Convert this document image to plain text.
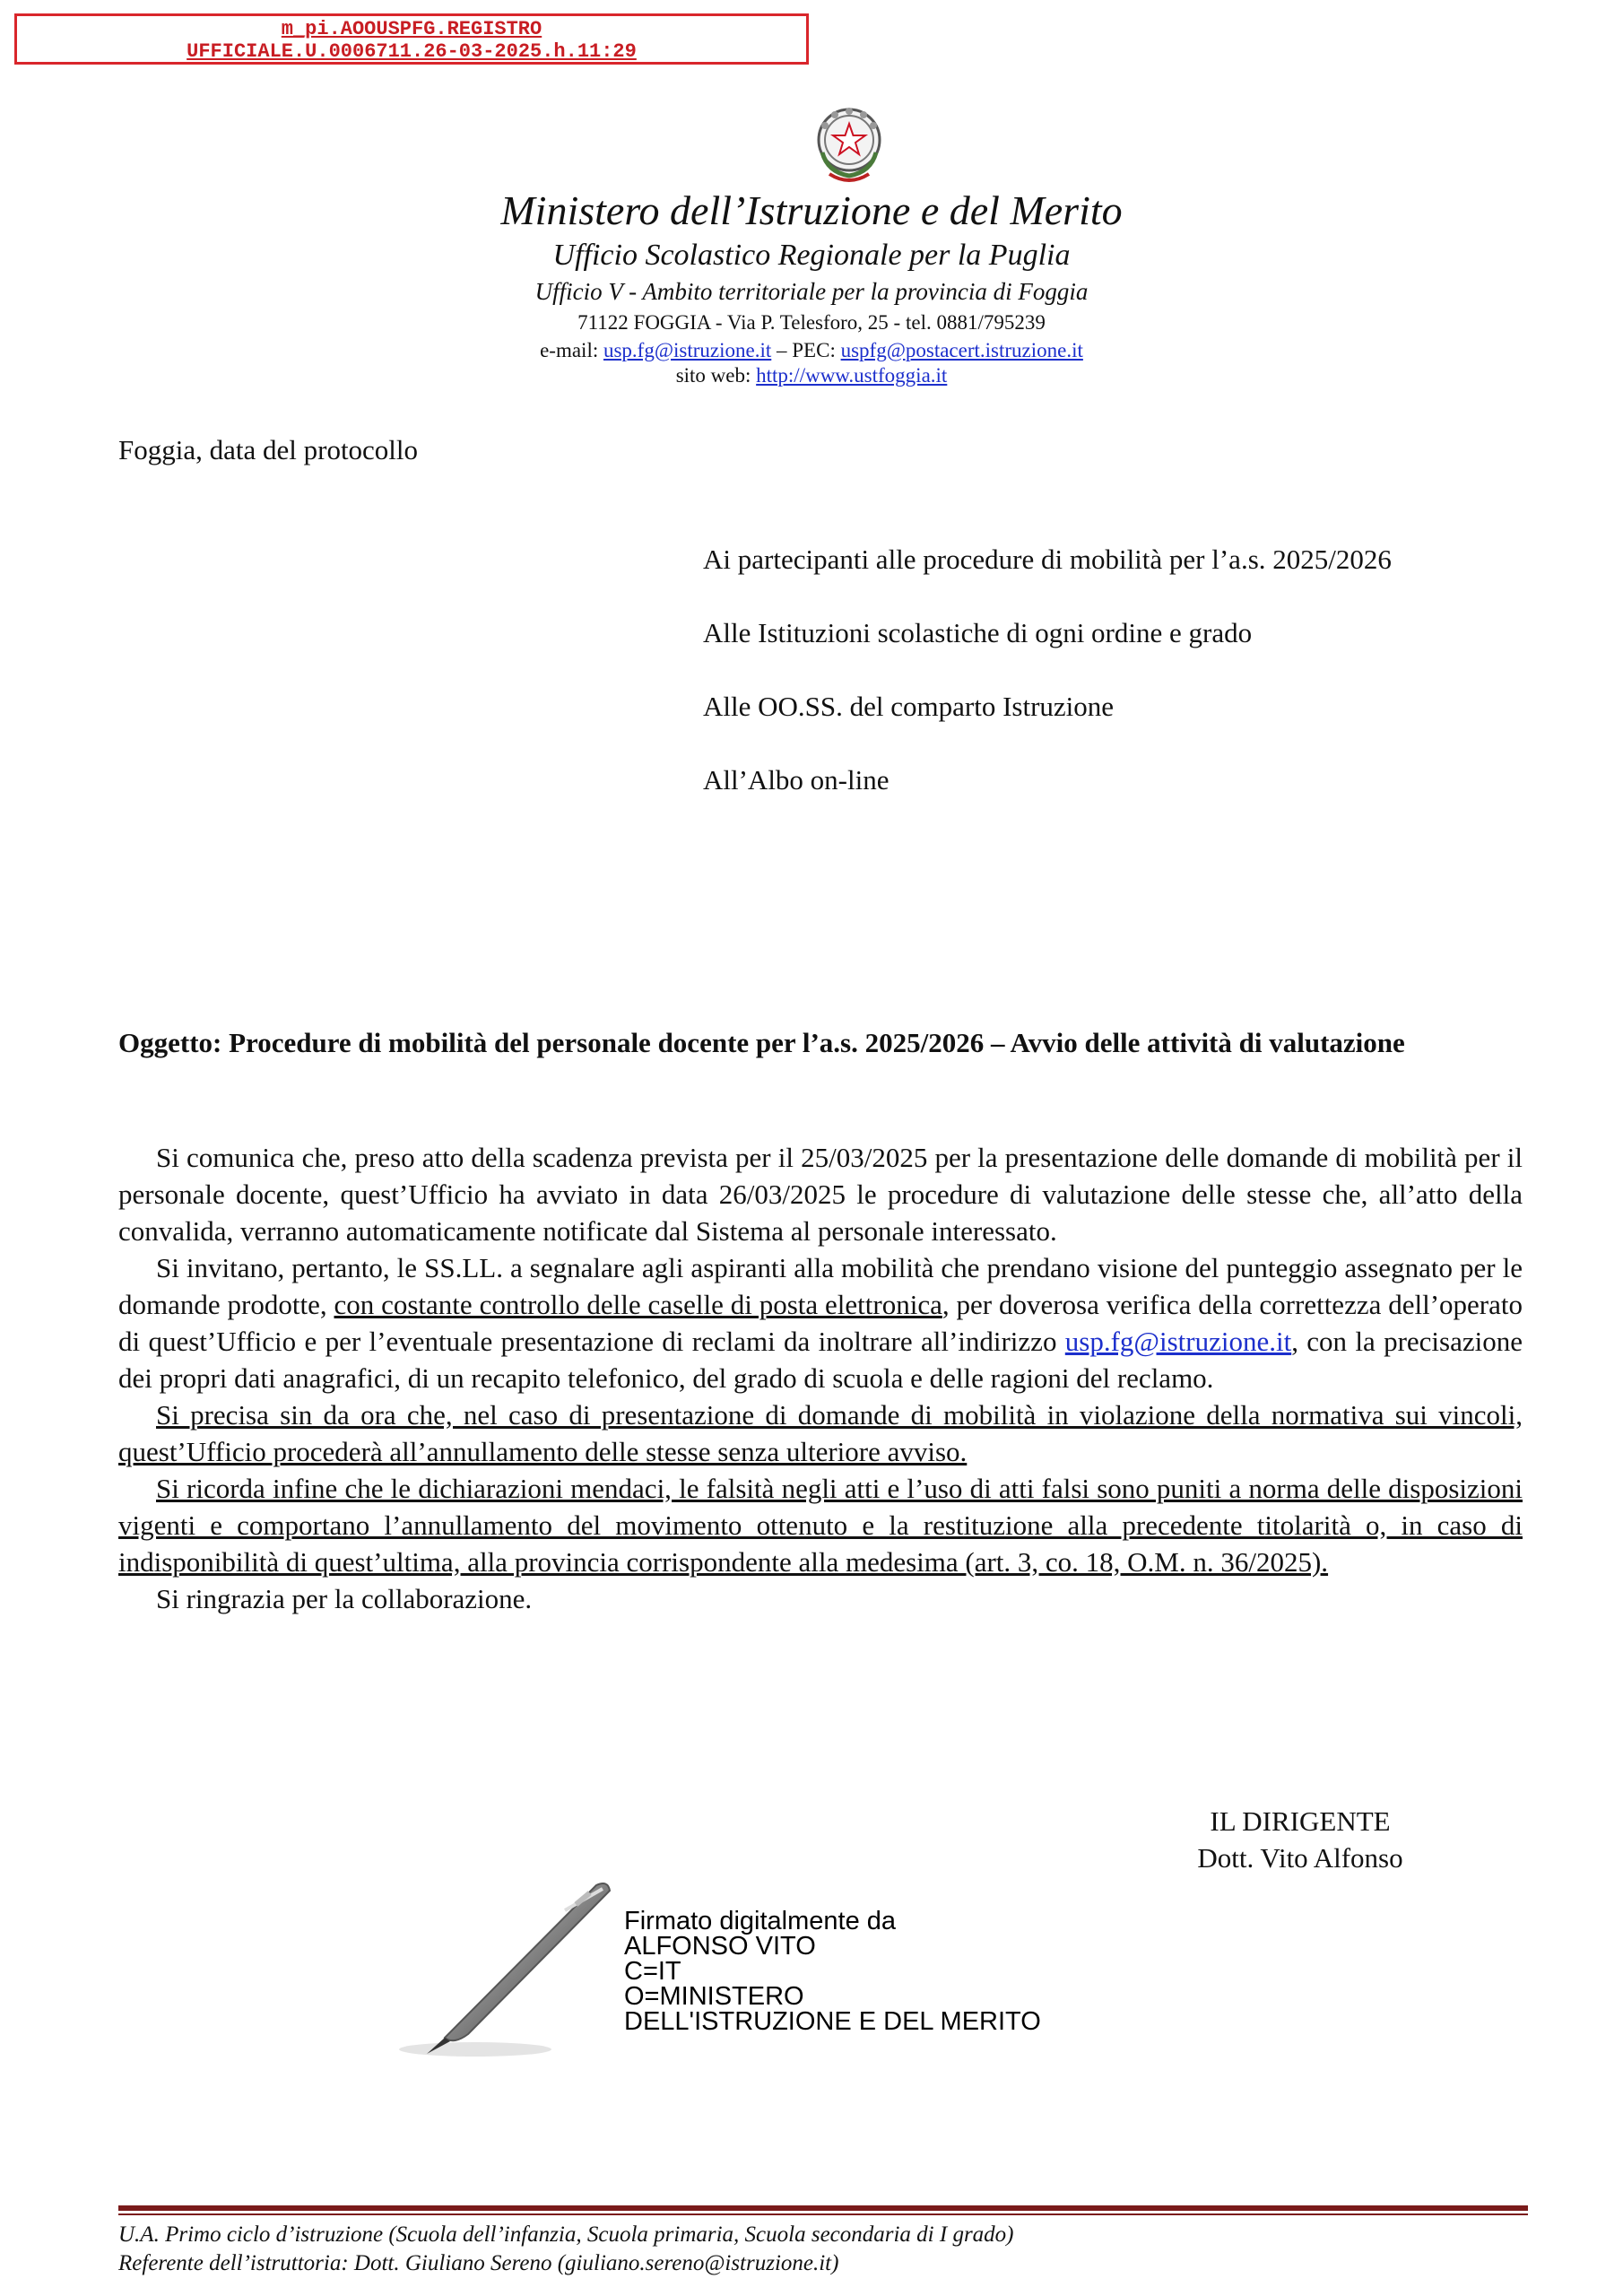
m_pi.AOOUSPFG.REGISTRO
UFFICIALE.U.0006711.26-03-2025.h.11:29
Ministero dell’Istruzione e del Merito
Ufficio Scolastico Regionale per la Puglia
Ufficio V - Ambito territoriale per la provincia di Foggia
71122 FOGGIA - Via P. Telesforo, 25 - tel. 0881/795239
e-mail: usp.fg@istruzione.it – PEC: uspfg@postacert.istruzione.it
sito web: http://www.ustfoggia.it
Foggia, data del protocollo
Ai partecipanti alle procedure di mobilità per l’a.s. 2025/2026
Alle Istituzioni scolastiche di ogni ordine e grado
Alle OO.SS. del comparto Istruzione
All’Albo on-line
Oggetto: Procedure di mobilità del personale docente per l’a.s. 2025/2026 – Avvio delle attività di valutazione

Si comunica che, preso atto della scadenza prevista per il 25/03/2025 per la presentazione delle domande di mobilità per il personale docente, quest’Ufficio ha avviato in data 26/03/2025 le procedure di valutazione delle stesse che, all’atto della convalida, verranno automaticamente notificate dal Sistema al personale interessato.

Si invitano, pertanto, le SS.LL. a segnalare agli aspiranti alla mobilità che prendano visione del punteggio assegnato per le domande prodotte, con costante controllo delle caselle di posta elettronica, per doverosa verifica della correttezza dell’operato di quest’Ufficio e per l’eventuale presentazione di reclami da inoltrare all’indirizzo usp.fg@istruzione.it, con la precisazione dei propri dati anagrafici, di un recapito telefonico, del grado di scuola e delle ragioni del reclamo.

Si precisa sin da ora che, nel caso di presentazione di domande di mobilità in violazione della normativa sui vincoli, quest’Ufficio procederà all’annullamento delle stesse senza ulteriore avviso.

Si ricorda infine che le dichiarazioni mendaci, le falsità negli atti e l’uso di atti falsi sono puniti a norma delle disposizioni vigenti e comportano l’annullamento del movimento ottenuto e la restituzione alla precedente titolarità o, in caso di indisponibilità di quest’ultima, alla provincia corrispondente alla medesima (art. 3, co. 18, O.M. n. 36/2025).

Si ringrazia per la collaborazione.

IL DIRIGENTE
Dott. Vito Alfonso
Firmato digitalmente da
ALFONSO VITO
C=IT
O=MINISTERO
DELL'ISTRUZIONE E DEL MERITO
U.A. Primo ciclo d’istruzione (Scuola dell’infanzia, Scuola primaria, Scuola secondaria di I grado)
Referente dell’istruttoria: Dott. Giuliano Sereno (giuliano.sereno@istruzione.it)
